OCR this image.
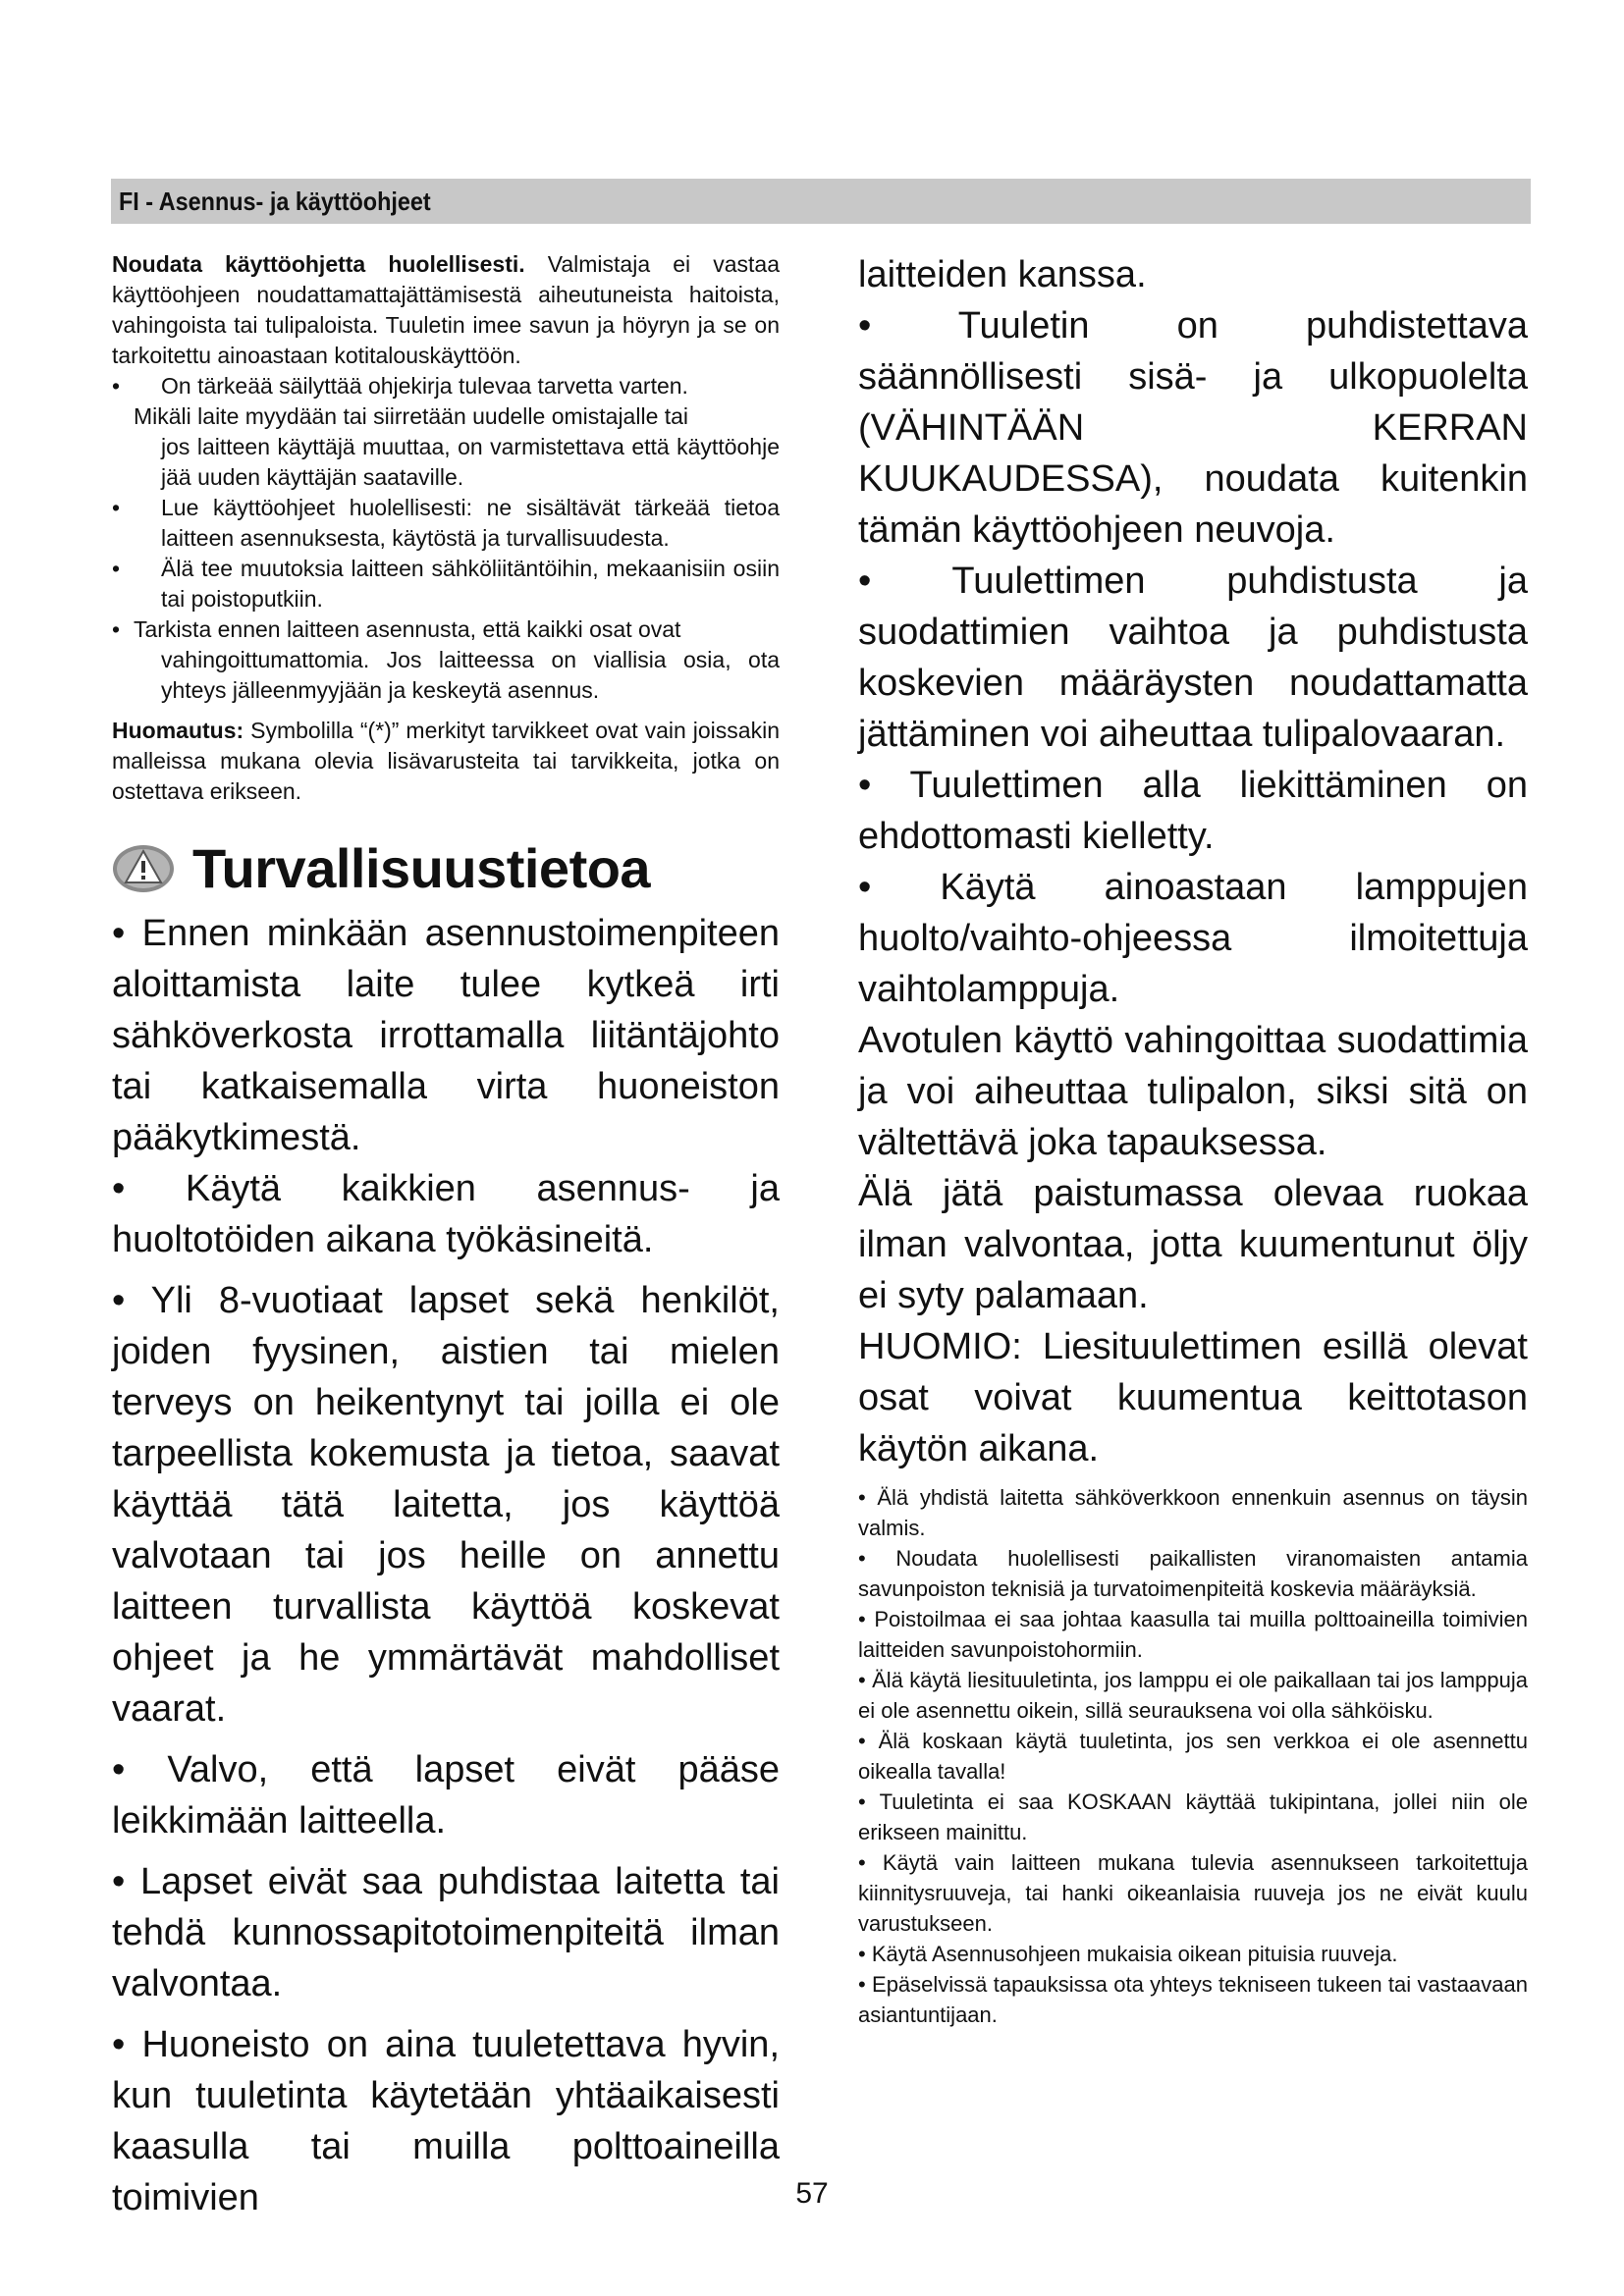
FI - Asennus- ja käyttöohjeet

Noudata käyttöohjetta huolellisesti. Valmistaja ei vastaa käyttöohjeen noudattamattajättämisestä aiheutuneista haitoista, vahingoista tai tulipaloista. Tuuletin imee savun ja höyryn ja se on tarkoitettu ainoastaan kotitalouskäyttöön.

•	On tärkeää säilyttää ohjekirja tulevaa tarvetta varten.

Mikäli laite myydään tai siirretään uudelle omistajalle tai

jos laitteen käyttäjä muuttaa, on varmistettava että käyttöohje jää uuden käyttäjän saataville.

•	Lue käyttöohjeet huolellisesti: ne sisältävät tärkeää tietoa laitteen asennuksesta, käytöstä ja turvallisuudesta.
•	Älä tee muutoksia laitteen sähköliitäntöihin, mekaanisiin osiin tai poistoputkiin.
• Tarkista ennen laitteen asennusta, että kaikki osat ovat

vahingoittumattomia. Jos laitteessa on viallisia osia, ota yhteys jälleenmyyjään ja keskeytä asennus.

Huomautus: Symbolilla “(*)” merkityt tarvikkeet ovat vain joissakin malleissa mukana olevia lisävarusteita tai tarvikkeita, jotka on ostettava erikseen.

Turvallisuustietoa

• Ennen minkään asennustoimenpiteen aloittamista laite tulee kytkeä irti sähköverkosta irrottamalla liitäntäjohto tai katkaisemalla virta huoneiston pääkytkimestä.

• Käytä kaikkien asennus- ja huoltotöiden aikana työkäsineitä.

• Yli 8-vuotiaat lapset sekä henkilöt, joiden fyysinen, aistien tai mielen terveys on heikentynyt tai joilla ei ole tarpeellista kokemusta ja tietoa, saavat käyttää tätä laitetta, jos käyttöä valvotaan tai jos heille on annettu laitteen turvallista käyttöä koskevat ohjeet ja he ymmärtävät mahdolliset vaarat.

• Valvo, että lapset eivät pääse leikkimään laitteella.

• Lapset eivät saa puhdistaa laitetta tai tehdä kunnossapitotoimenpiteitä ilman valvontaa.

• Huoneisto on aina tuuletettava hyvin, kun tuuletinta käytetään yhtäaikaisesti kaasulla tai muilla polttoaineilla toimivien

laitteiden kanssa.

• Tuuletin on puhdistettava säännöllisesti sisä- ja ulkopuolelta (VÄHINTÄÄN KERRAN KUUKAUDESSA), noudata kuitenkin tämän käyttöohjeen neuvoja.

• Tuulettimen puhdistusta ja suodattimien vaihtoa ja puhdistusta koskevien määräysten noudattamatta jättäminen voi aiheuttaa tulipalovaaran.

• Tuulettimen alla liekittäminen on ehdottomasti kielletty.

• Käytä ainoastaan lamppujen huolto/vaihto-ohjeessa ilmoitettuja vaihtolamppuja.

Avotulen käyttö vahingoittaa suodattimia ja voi aiheuttaa tulipalon, siksi sitä on vältettävä joka tapauksessa.

Älä jätä paistumassa olevaa ruokaa ilman valvontaa, jotta kuumentunut öljy ei syty palamaan.

HUOMIO: Liesituulettimen esillä olevat osat voivat kuumentua keittotason käytön aikana.

• Älä yhdistä laitetta sähköverkkoon ennenkuin asennus on täysin valmis.

• Noudata huolellisesti paikallisten viranomaisten antamia savunpoiston teknisiä ja turvatoimenpiteitä koskevia määräyksiä.

• Poistoilmaa ei saa johtaa kaasulla tai muilla polttoaineilla toimivien laitteiden savunpoistohormiin.

• Älä käytä liesituuletinta, jos lamppu ei ole paikallaan tai jos lamppuja ei ole asennettu oikein, sillä seurauksena voi olla sähköisku.

• Älä koskaan käytä tuuletinta, jos sen verkkoa ei ole asennettu oikealla tavalla!

• Tuuletinta ei saa KOSKAAN käyttää tukipintana, jollei niin ole erikseen mainittu.

• Käytä vain laitteen mukana tulevia asennukseen tarkoitettuja kiinnitysruuveja, tai hanki oikeanlaisia ruuveja jos ne eivät kuulu varustukseen.

• Käytä Asennusohjeen mukaisia oikean pituisia ruuveja.

• Epäselvissä tapauksissa ota yhteys tekniseen tukeen tai vastaavaan asiantuntijaan.

57
